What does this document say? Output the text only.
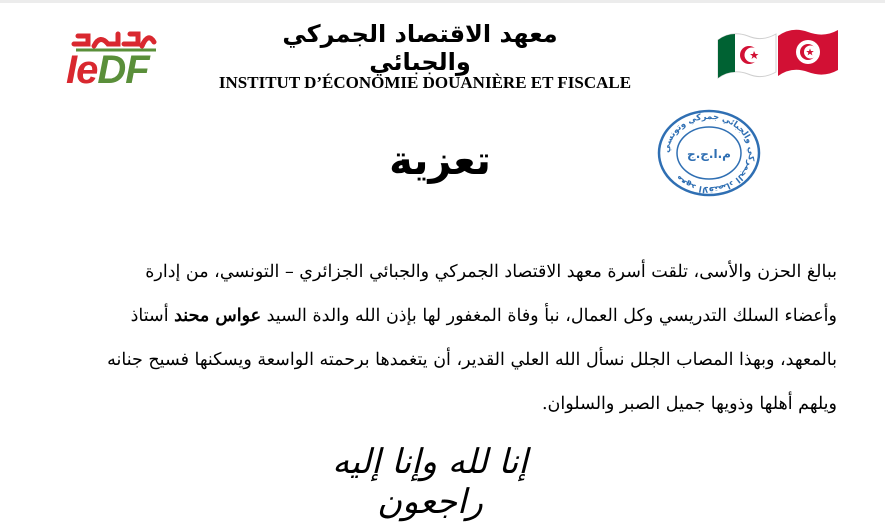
IeDF
معهد الاقتصاد الجمركي والجبائي
INSTITUT D’ÉCONOMIE DOUANIÈRE ET FISCALE
معهد الاقتصاد الجمركي والجبائي جمركي وتونسي
م.ا.ج.ج
تعزية
ببالغ الحزن والأسى، تلقت أسرة معهد الاقتصاد الجمركي والجبائي الجزائري – التونسي، من إدارة
وأعضاء السلك التدريسي وكل العمال، نبأ وفاة المغفور لها بإذن الله والدة السيد عواس محند أستاذ
بالمعهد، وبهذا المصاب الجلل نسأل الله العلي القدير، أن يتغمدها برحمته الواسعة ويسكنها فسيح جنانه
ويلهم أهلها وذويها جميل الصبر والسلوان.
إنا لله وإنا إليه راجعون
